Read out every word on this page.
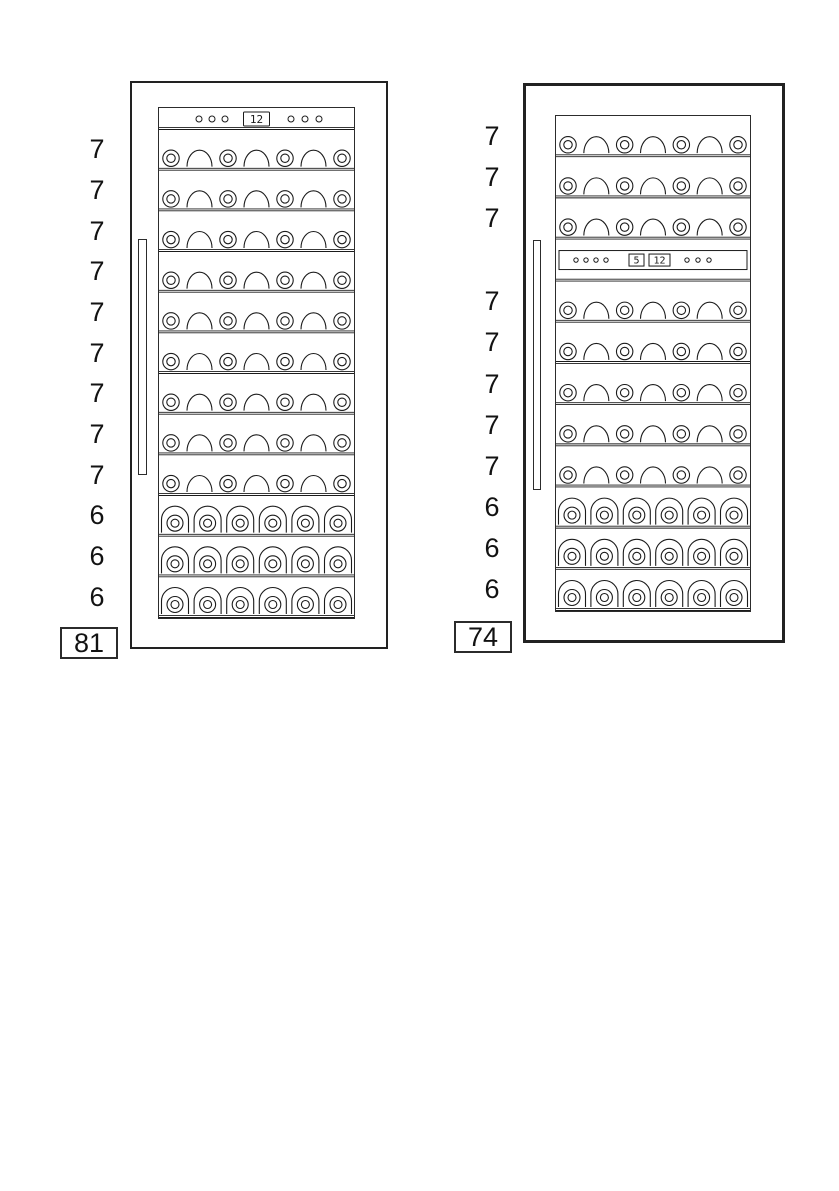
12
7
7
7
7
7
7
7
7
7
6
6
6
81
5 12
7
7
7
7
7
7
7
7
6
6
6
74
